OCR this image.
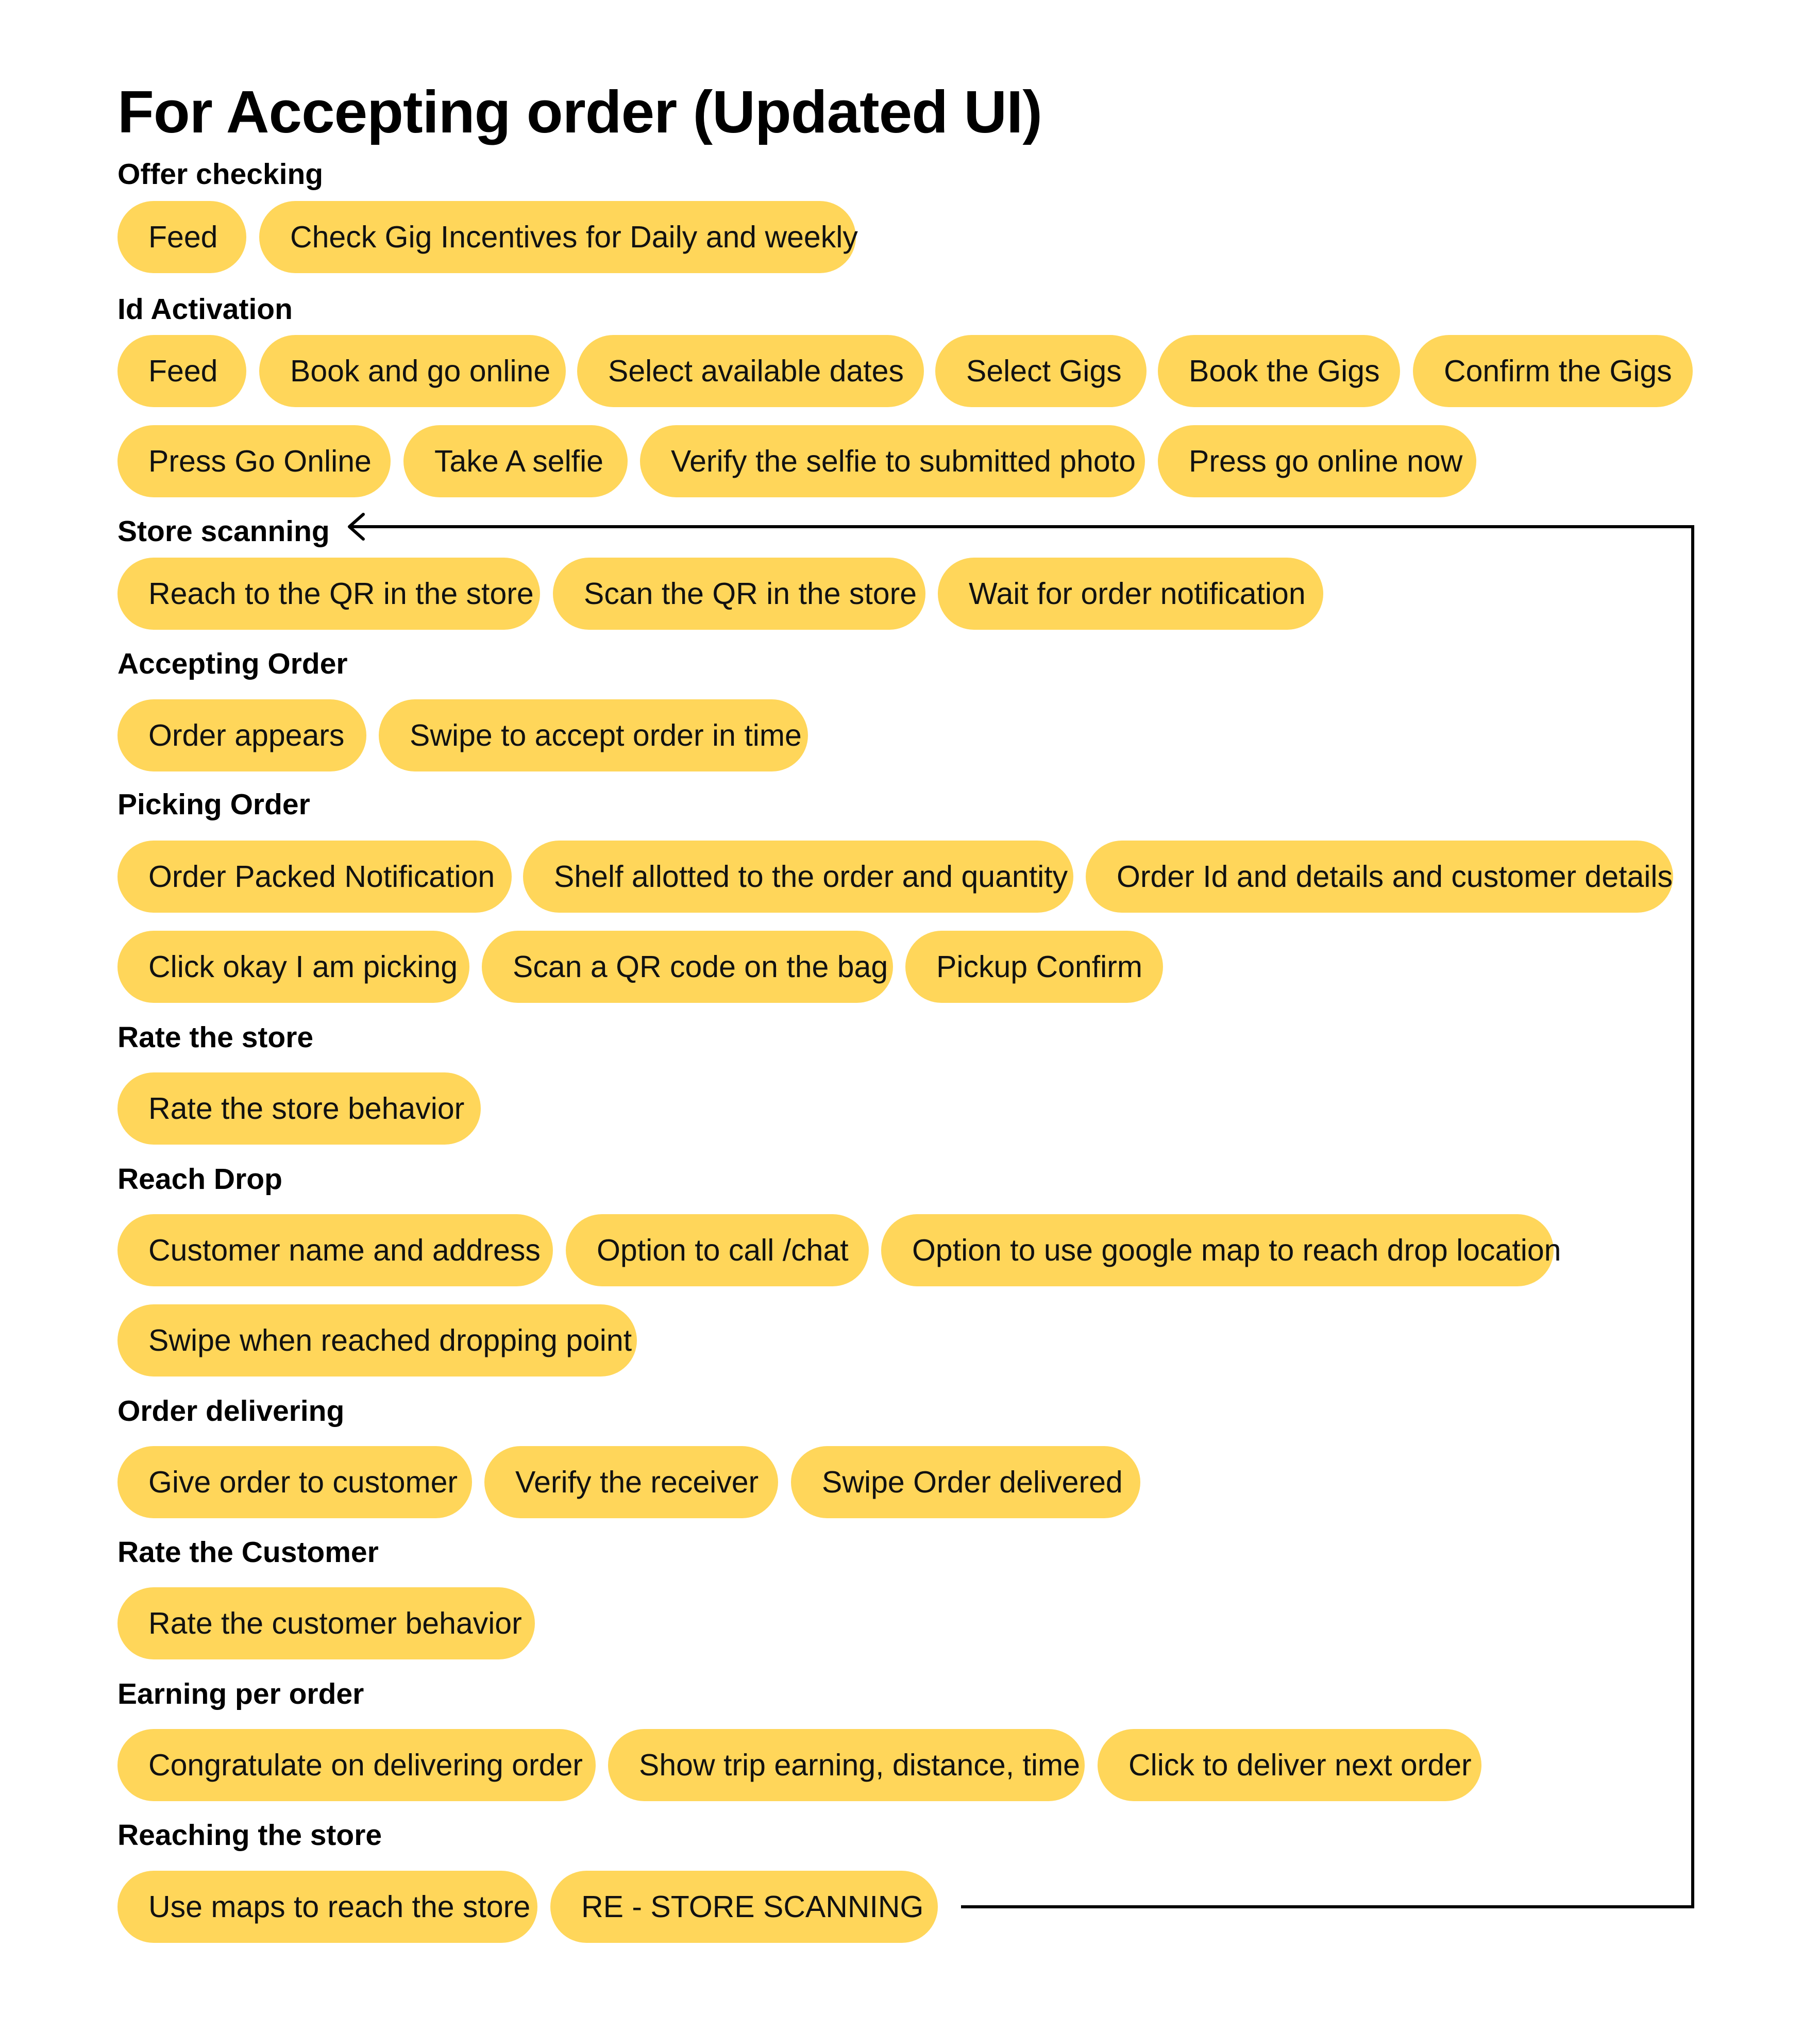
For Accepting order (Updated UI)
Offer checking
Feed	Check Gig Incentives for Daily and weekly
Id Activation
Feed	Book and go online	Select available dates	Select Gigs	Book the Gigs	Confirm the Gigs
Press Go Online	Take A selfie	Verify the selfie to submitted photo	Press go online now
Store scanning
Reach to the QR in the store	Scan the QR in the store	Wait for order notification
Accepting Order
Order appears	Swipe to accept order in time
Picking Order
Order Packed Notification	Shelf allotted to the order and quantity	Order Id and details and customer details
Click okay I am picking	Scan a QR code on the bag	Pickup Confirm
Rate the store
Rate the store behavior
Reach Drop
Customer name and address	Option to call /chat	Option to use google map to reach drop location
Swipe when reached dropping point
Order delivering
Give order to customer	Verify the receiver	Swipe Order delivered
Rate the Customer
Rate the customer behavior
Earning per order
Congratulate on delivering order	Show trip earning, distance, time	Click to deliver next order
Reaching the store
Use maps to reach the store	RE - STORE SCANNING
